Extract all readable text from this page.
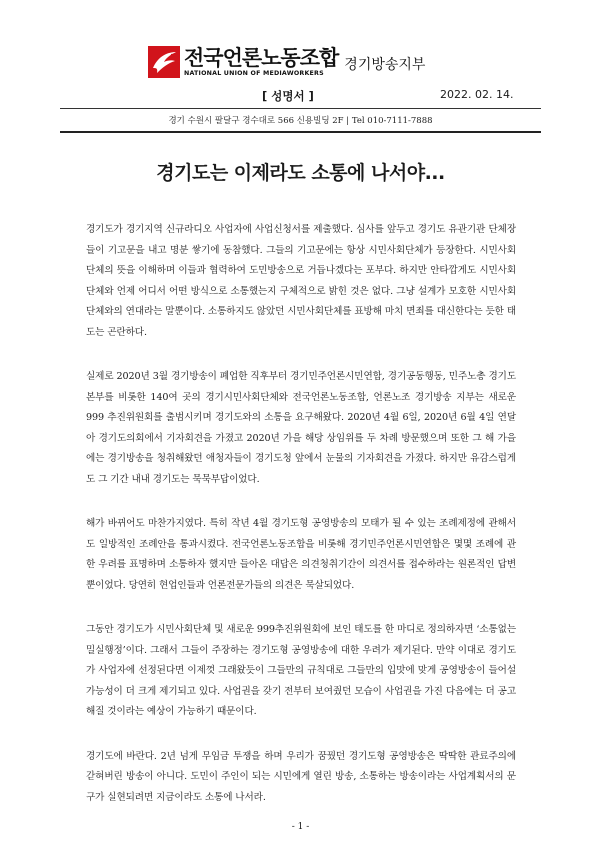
전국언론노동조합
NATIONAL UNION OF MEDIAWORKERS
경기방송지부
[ 성명서 ]	2022. 02. 14.
경기 수원시 팔달구 경수대로 566 신용빌딩 2F | Tel 010-7111-7888
경기도는 이제라도 소통에 나서야...

경기도가 경기지역 신규라디오 사업자에 사업신청서를 제출했다. 심사를 앞두고 경기도 유관기관 단체장들이 기고문을 내고 명분 쌓기에 동참했다. 그들의 기고문에는 항상 시민사회단체가 등장한다. 시민사회단체의 뜻을 이해하며 이들과 협력하여 도민방송으로 거듭나겠다는 포부다. 하지만 안타깝게도 시민사회단체와 언제 어디서 어떤 방식으로 소통했는지 구체적으로 밝힌 것은 없다. 그냥 설계가 모호한 시민사회단체와의 연대라는 말뿐이다. 소통하지도 않았던 시민사회단체를 표방해 마치 면죄를 대신한다는 듯한 태도는 곤란하다.

실제로 2020년 3월 경기방송이 폐업한 직후부터 경기민주언론시민연합, 경기공동행동, 민주노총 경기도본부를 비롯한 140여 곳의 경기시민사회단체와 전국언론노동조합, 언론노조 경기방송 지부는 새로운 999 추진위원회를 출범시키며 경기도와의 소통을 요구해왔다. 2020년 4월 6일, 2020년 6월 4일 연달아 경기도의회에서 기자회견을 가졌고 2020년 가을 해당 상임위를 두 차례 방문했으며 또한 그 해 가을에는 경기방송을 청취해왔던 애청자들이 경기도청 앞에서 눈물의 기자회견을 가졌다. 하지만 유감스럽게도 그 기간 내내 경기도는 묵묵부답이었다.

해가 바뀌어도 마찬가지였다. 특히 작년 4월 경기도형 공영방송의 모태가 될 수 있는 조례제정에 관해서도 일방적인 조례안을 통과시켰다. 전국언론노동조합을 비롯해 경기민주언론시민연합은 몇몇 조례에 관한 우려를 표명하며 소통하자 했지만 들아온 대답은 의견청취기간이 의견서를 접수하라는 원론적인 답변뿐이었다. 당연히 현업인들과 언론전문가들의 의견은 묵살되었다.

그동안 경기도가 시민사회단체 및 새로운 999추진위원회에 보인 태도를 한 마디로 정의하자면 ‘소통없는 밀실행정’이다. 그래서 그들이 주장하는 경기도형 공영방송에 대한 우려가 제기된다. 만약 이대로 경기도가 사업자에 선정된다면 이제껏 그래왔듯이 그들만의 규칙대로 그들만의 입맛에 맞게 공영방송이 들어설 가능성이 더 크게 제기되고 있다. 사업권을 갖기 전부터 보여줬던 모습이 사업권을 가진 다음에는 더 공고해질 것이라는 예상이 가능하기 때문이다.

경기도에 바란다. 2년 넘게 무임금 투쟁을 하며 우리가 꿈꿨던 경기도형 공영방송은 딱딱한 관료주의에 갇혀버린 방송이 아니다. 도민이 주인이 되는 시민에게 열린 방송, 소통하는 방송이라는 사업계획서의 문구가 실현되려면 지금이라도 소통에 나서라.

- 1 -
